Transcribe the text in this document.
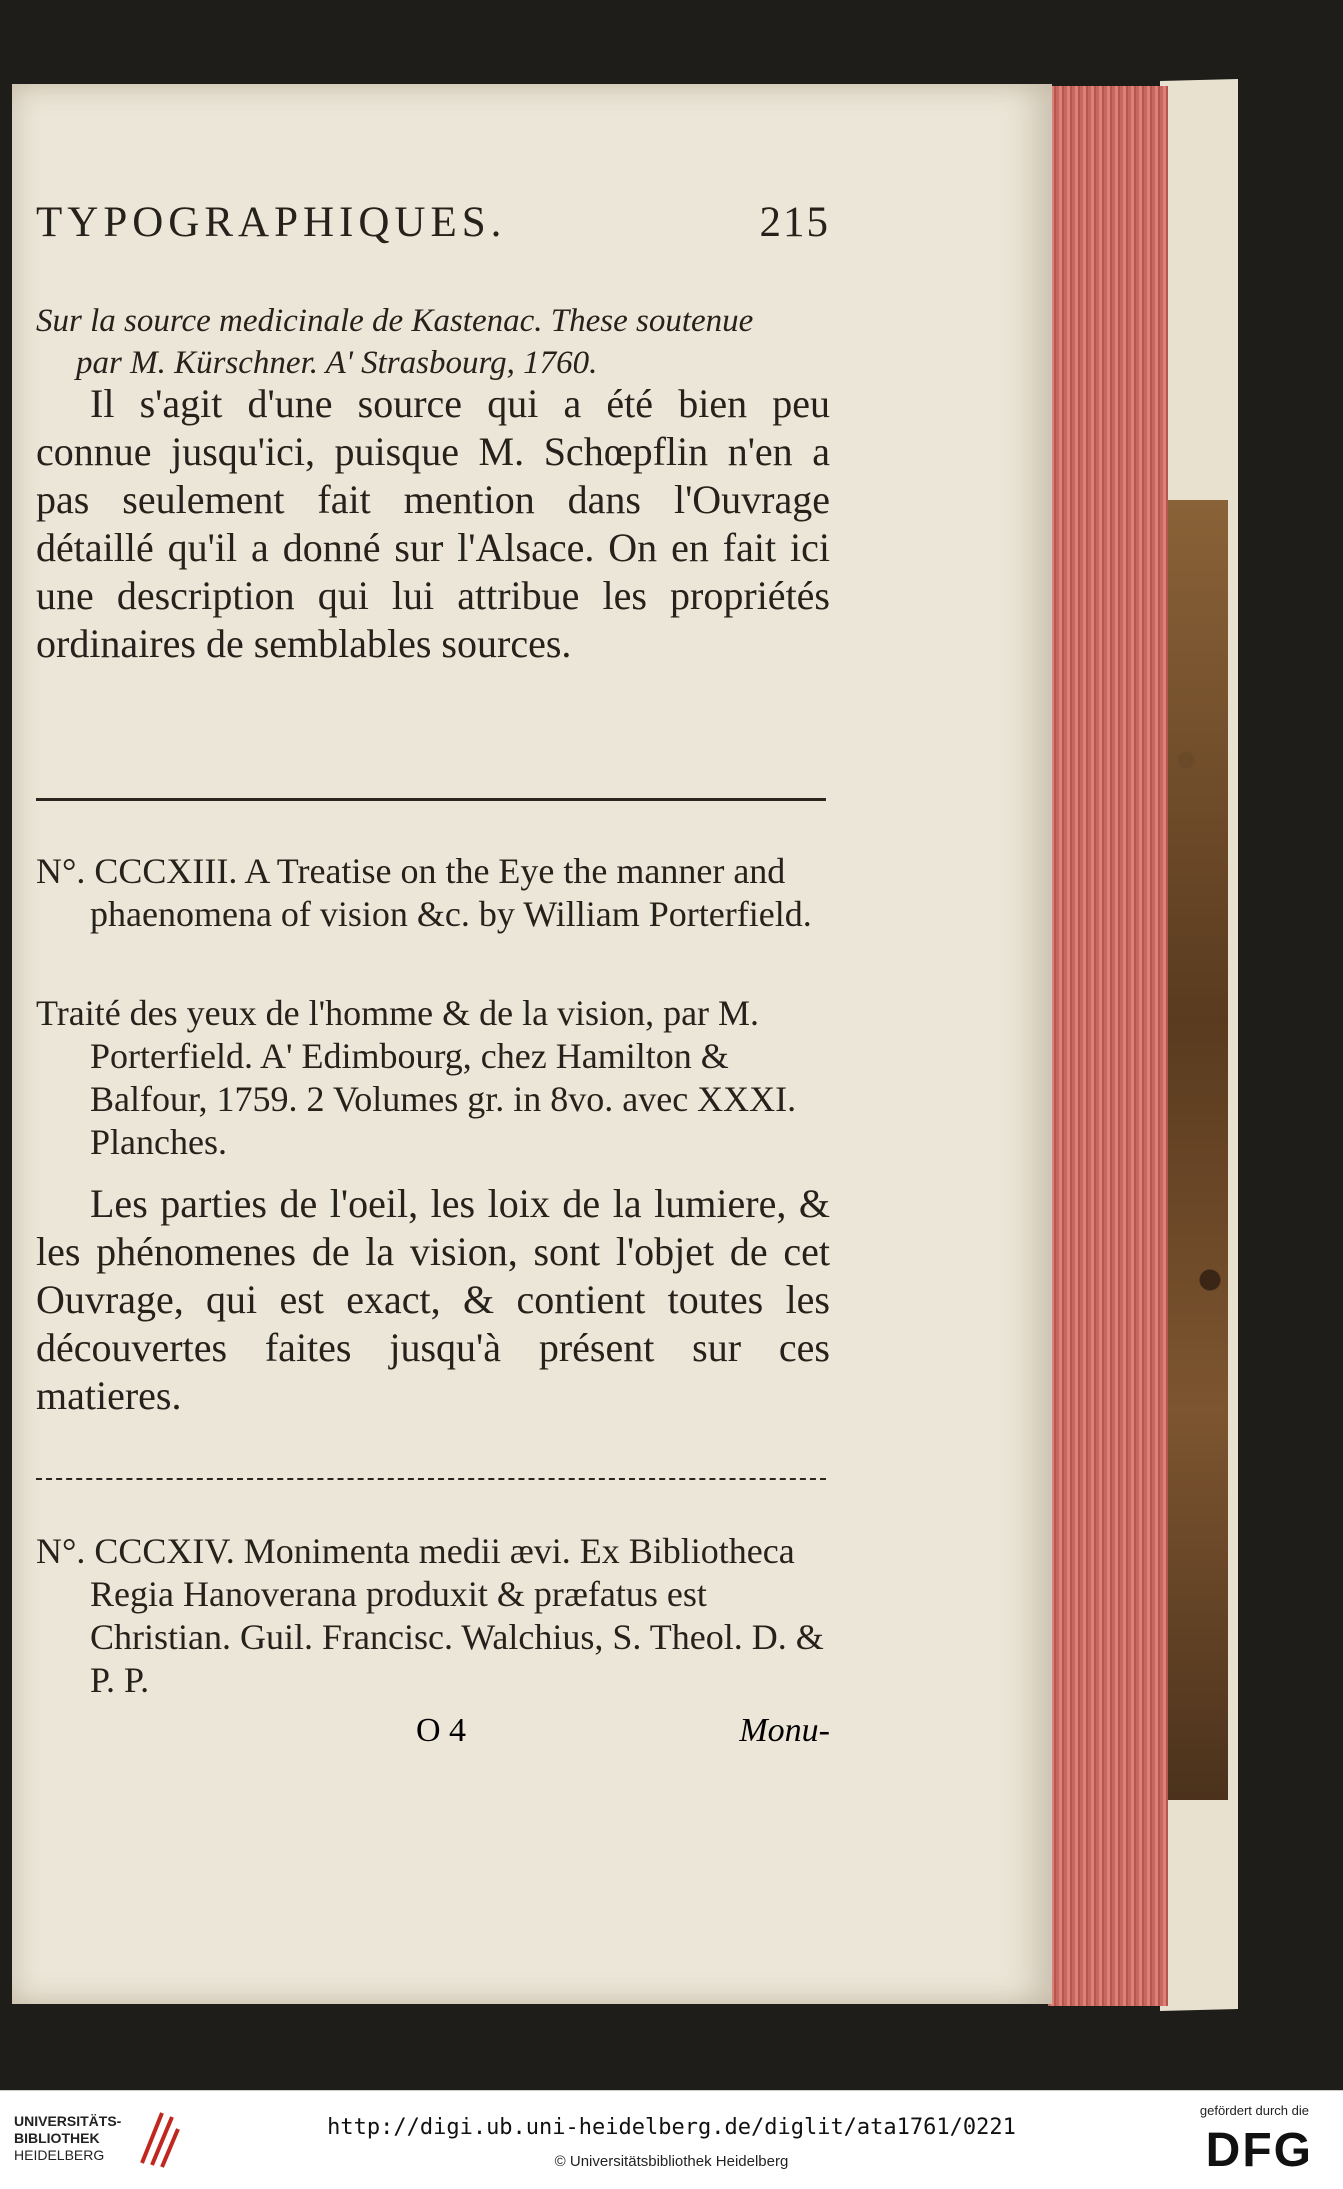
TYPOGRAPHIQUES.	215
Sur la source medicinale de Kastenac. These soutenue
par M. Kürschner. A' Strasbourg, 1760.

Il s'agit d'une source qui a été bien peu connue jusqu'ici, puisque M. Schœpflin n'en a pas seulement fait mention dans l'Ouvrage détaillé qu'il a donné sur l'Alsace. On en fait ici une description qui lui attribue les propriétés ordinaires de semblables sources.

N°. CCCXIII. A Treatise on the Eye the manner and phaenomena of vision &c. by William Porterfield.
Traité des yeux de l'homme & de la vision, par M. Porterfield. A' Edimbourg, chez Hamilton & Balfour, 1759. 2 Volumes gr. in 8vo. avec XXXI. Planches.

Les parties de l'oeil, les loix de la lumiere, & les phénomenes de la vision, sont l'objet de cet Ouvrage, qui est exact, & contient toutes les découvertes faites jusqu'à présent sur ces matieres.

N°. CCCXIV. Monimenta medii ævi. Ex Bibliotheca Regia Hanoverana produxit & præfatus est Christian. Guil. Francisc. Walchius, S. Theol. D. & P. P.
O 4	Monu-
UNIVERSITÄTS-
BIBLIOTHEK
HEIDELBERG
http://digi.ub.uni-heidelberg.de/diglit/ata1761/0221
© Universitätsbibliothek Heidelberg
gefördert durch die
DFG
